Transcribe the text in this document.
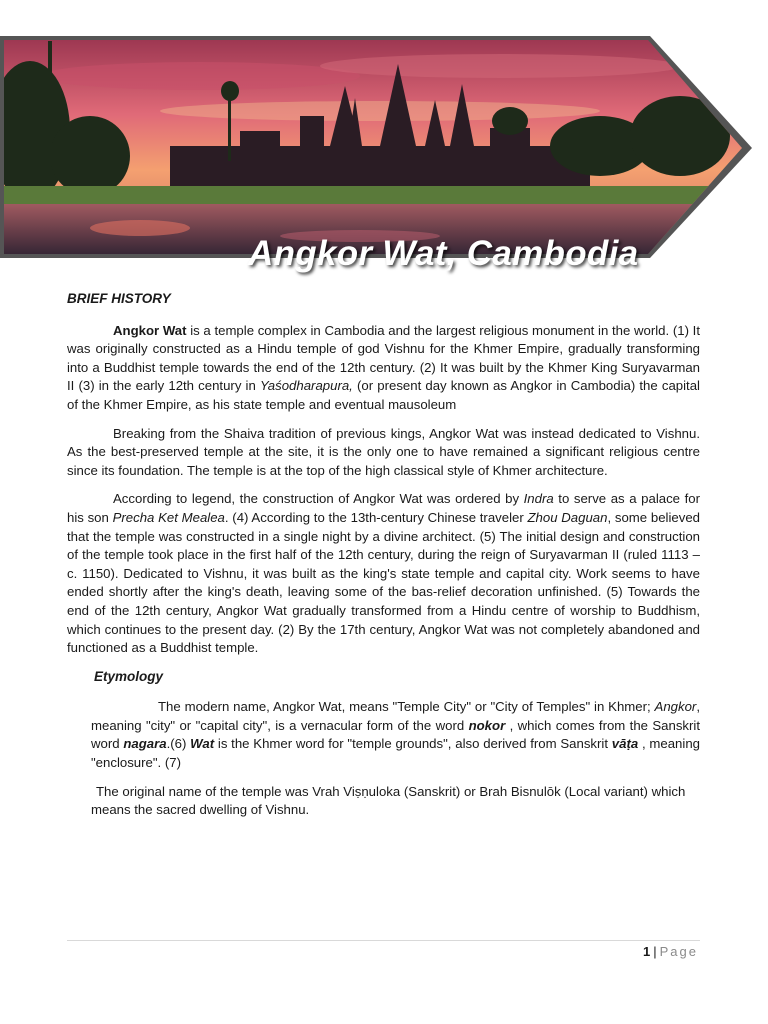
Angkor Wat, Cambodia
BRIEF HISTORY

Angkor Wat is a temple complex in Cambodia and the largest religious monument in the world. (1) It was originally constructed as a Hindu temple of god Vishnu for the Khmer Empire, gradually transforming into a Buddhist temple towards the end of the 12th century. (2) It was built by the Khmer King Suryavarman II (3) in the early 12th century in Yaśodharapura, (or present day known as Angkor in Cambodia) the capital of the Khmer Empire, as his state temple and eventual mausoleum

Breaking from the Shaiva tradition of previous kings, Angkor Wat was instead dedicated to Vishnu. As the best-preserved temple at the site, it is the only one to have remained a significant religious centre since its foundation. The temple is at the top of the high classical style of Khmer architecture.

According to legend, the construction of Angkor Wat was ordered by Indra to serve as a palace for his son Precha Ket Mealea. (4) According to the 13th-century Chinese traveler Zhou Daguan, some believed that the temple was constructed in a single night by a divine architect. (5) The initial design and construction of the temple took place in the first half of the 12th century, during the reign of Suryavarman II (ruled 1113 – c. 1150). Dedicated to Vishnu, it was built as the king's state temple and capital city. Work seems to have ended shortly after the king's death, leaving some of the bas-relief decoration unfinished. (5) Towards the end of the 12th century, Angkor Wat gradually transformed from a Hindu centre of worship to Buddhism, which continues to the present day. (2) By the 17th century, Angkor Wat was not completely abandoned and functioned as a Buddhist temple.

Etymology

The modern name, Angkor Wat, means "Temple City" or "City of Temples" in Khmer; Angkor, meaning "city" or "capital city", is a vernacular form of the word nokor , which comes from the Sanskrit word nagara.(6) Wat is the Khmer word for "temple grounds", also derived from Sanskrit vāṭa , meaning "enclosure". (7)

The original name of the temple was Vrah Viṣṇuloka (Sanskrit) or Brah Bisnulōk (Local variant) which means the sacred dwelling of Vishnu.

1 | Page
